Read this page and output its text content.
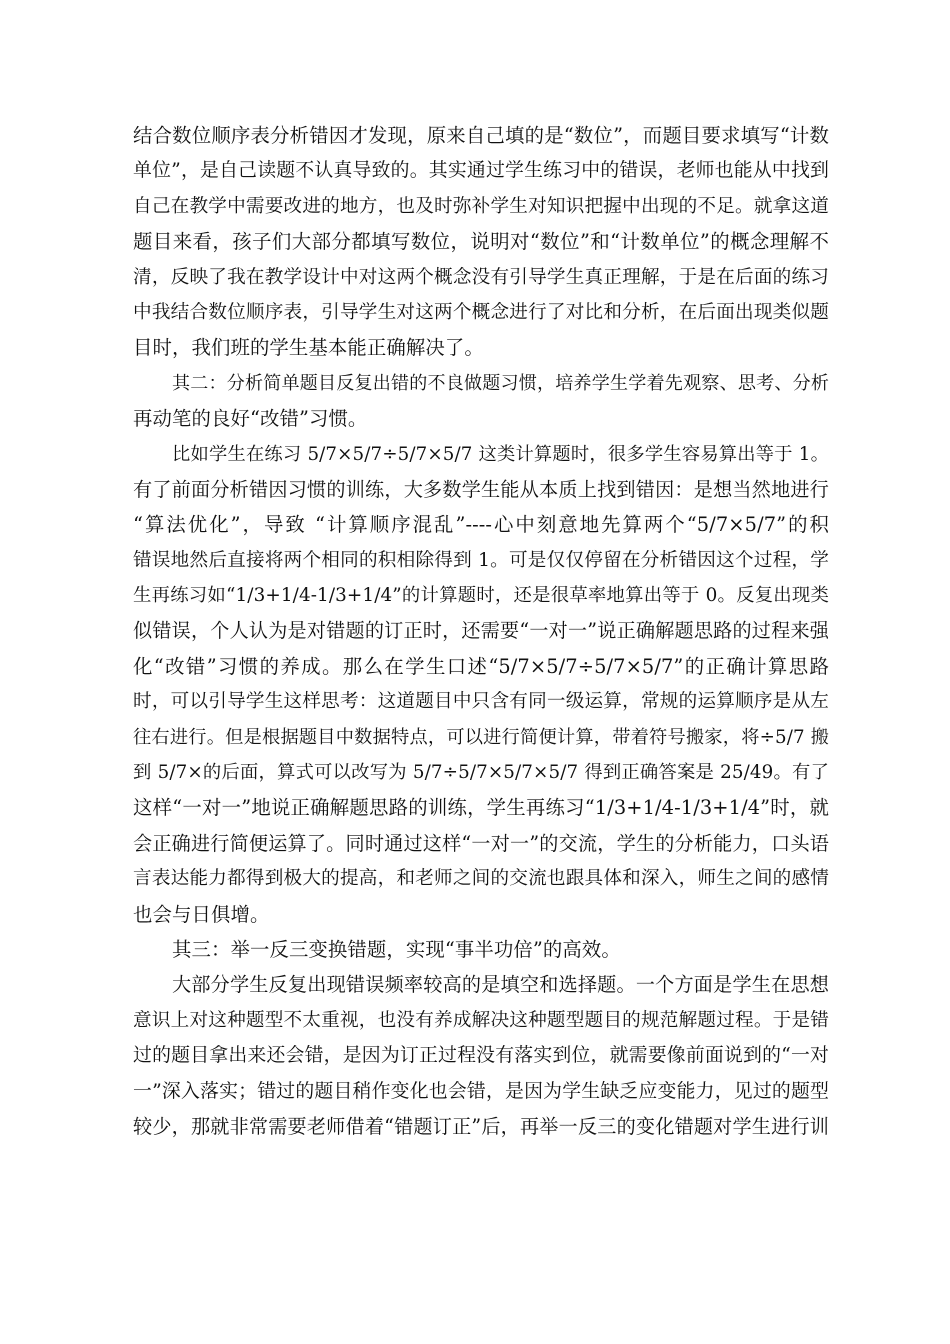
结合数位顺序表分析错因才发现，原来自己填的是“数位”，而题目要求填写“计数
单位”，是自己读题不认真导致的。其实通过学生练习中的错误，老师也能从中找到
自己在教学中需要改进的地方，也及时弥补学生对知识把握中出现的不足。就拿这道
题目来看，孩子们大部分都填写数位，说明对“数位”和“计数单位”的概念理解不
清，反映了我在教学设计中对这两个概念没有引导学生真正理解，于是在后面的练习
中我结合数位顺序表，引导学生对这两个概念进行了对比和分析，在后面出现类似题
目时，我们班的学生基本能正确解决了。
其二：分析简单题目反复出错的不良做题习惯，培养学生学着先观察、思考、分析
再动笔的良好“改错”习惯。
比如学生在练习 5/7×5/7÷5/7×5/7 这类计算题时，很多学生容易算出等于 1。
有了前面分析错因习惯的训练，大多数学生能从本质上找到错因：是想当然地进行
“算法优化”，导致 “计算顺序混乱”----心中刻意地先算两个“5/7×5/7”的积
错误地然后直接将两个相同的积相除得到 1。可是仅仅停留在分析错因这个过程，学
生再练习如“1/3+1/4-1/3+1/4”的计算题时，还是很草率地算出等于 0。反复出现类
似错误，个人认为是对错题的订正时，还需要“一对一”说正确解题思路的过程来强
化“改错”习惯的养成。那么在学生口述“5/7×5/7÷5/7×5/7”的正确计算思路
时，可以引导学生这样思考：这道题目中只含有同一级运算，常规的运算顺序是从左
往右进行。但是根据题目中数据特点，可以进行简便计算，带着符号搬家，将÷5/7 搬
到 5/7×的后面，算式可以改写为 5/7÷5/7×5/7×5/7 得到正确答案是 25/49。有了
这样“一对一”地说正确解题思路的训练，学生再练习“1/3+1/4-1/3+1/4”时，就
会正确进行简便运算了。同时通过这样“一对一”的交流，学生的分析能力，口头语
言表达能力都得到极大的提高，和老师之间的交流也跟具体和深入，师生之间的感情
也会与日俱增。
其三：举一反三变换错题，实现“事半功倍”的高效。
大部分学生反复出现错误频率较高的是填空和选择题。一个方面是学生在思想
意识上对这种题型不太重视，也没有养成解决这种题型题目的规范解题过程。于是错
过的题目拿出来还会错，是因为订正过程没有落实到位，就需要像前面说到的“一对
一”深入落实；错过的题目稍作变化也会错，是因为学生缺乏应变能力，见过的题型
较少，那就非常需要老师借着“错题订正”后，再举一反三的变化错题对学生进行训
